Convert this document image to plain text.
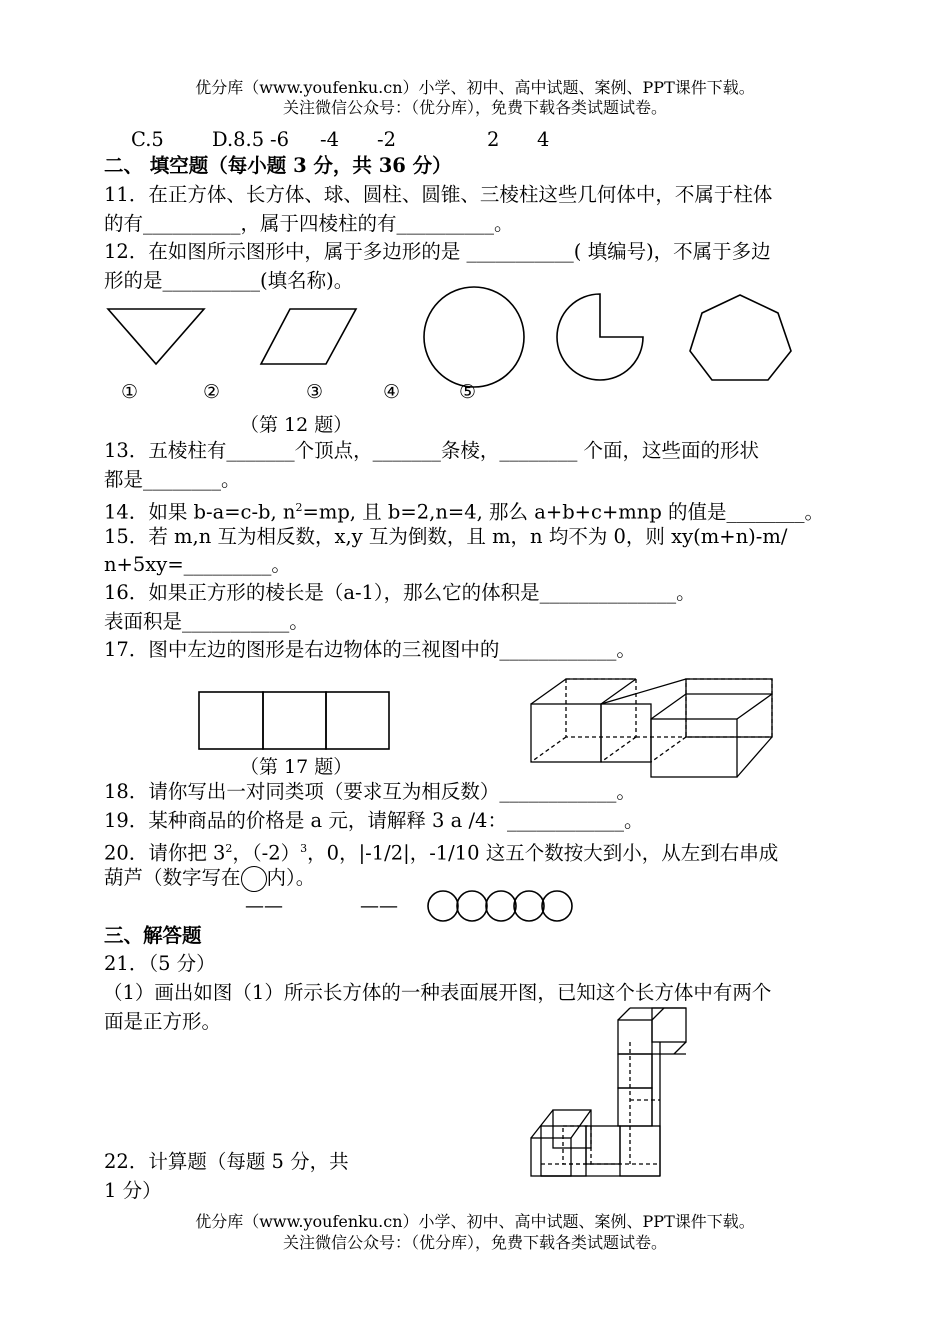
优分库（www.youfenku.cn）小学、初中、高中试题、案例、PPT课件下载。
关注微信公众号：（优分库），免费下载各类试题试卷。
C.5 D.8.5 -6 -4 -2	2 4
二、 填空题（每小题 3 分，共 36 分）
11．在正方体、长方体、球、圆柱、圆锥、三棱柱这些几何体中，不属于柱体
的有__________，属于四棱柱的有__________。
12．在如图所示图形中，属于多边形的是 ___________( 填编号)，不属于多边
形的是__________(填名称)。
①	②	③	④	⑤
（第 12 题）
13．五棱柱有_______个顶点，_______条棱，________ 个面，这些面的形状
都是________。
14．如果 b-a=c-b, $n^2=mp$, 且 b=2,n=4, 那么 a+b+c+mnp 的值是________。
15．若 m,n 互为相反数，x,y 互为倒数，且 m，n 均不为 0，则 xy(m+n)-m/
n+5xy=_________。
16．如果正方形的棱长是（a-1），那么它的体积是______________。
表面积是___________。
17．图中左边的图形是右边物体的三视图中的____________。
（第 17 题）
18．请你写出一对同类项（要求互为相反数）____________。
19．某种商品的价格是 a 元，请解释 3 a /4：____________。
20．请你把 $3^2$，$(-2)^3$，0，|-1/2|，-1/10 这五个数按大到小，从左到右串成
葫芦（数字写在 内）。
——	——
三、解答题
21．（5 分）
（1）画出如图（1）所示长方体的一种表面展开图，已知这个长方体中有两个
面是正方形。
22．计算题（每题 5 分，共
1 分）
优分库（www.youfenku.cn）小学、初中、高中试题、案例、PPT课件下载。
关注微信公众号：（优分库），免费下载各类试题试卷。
